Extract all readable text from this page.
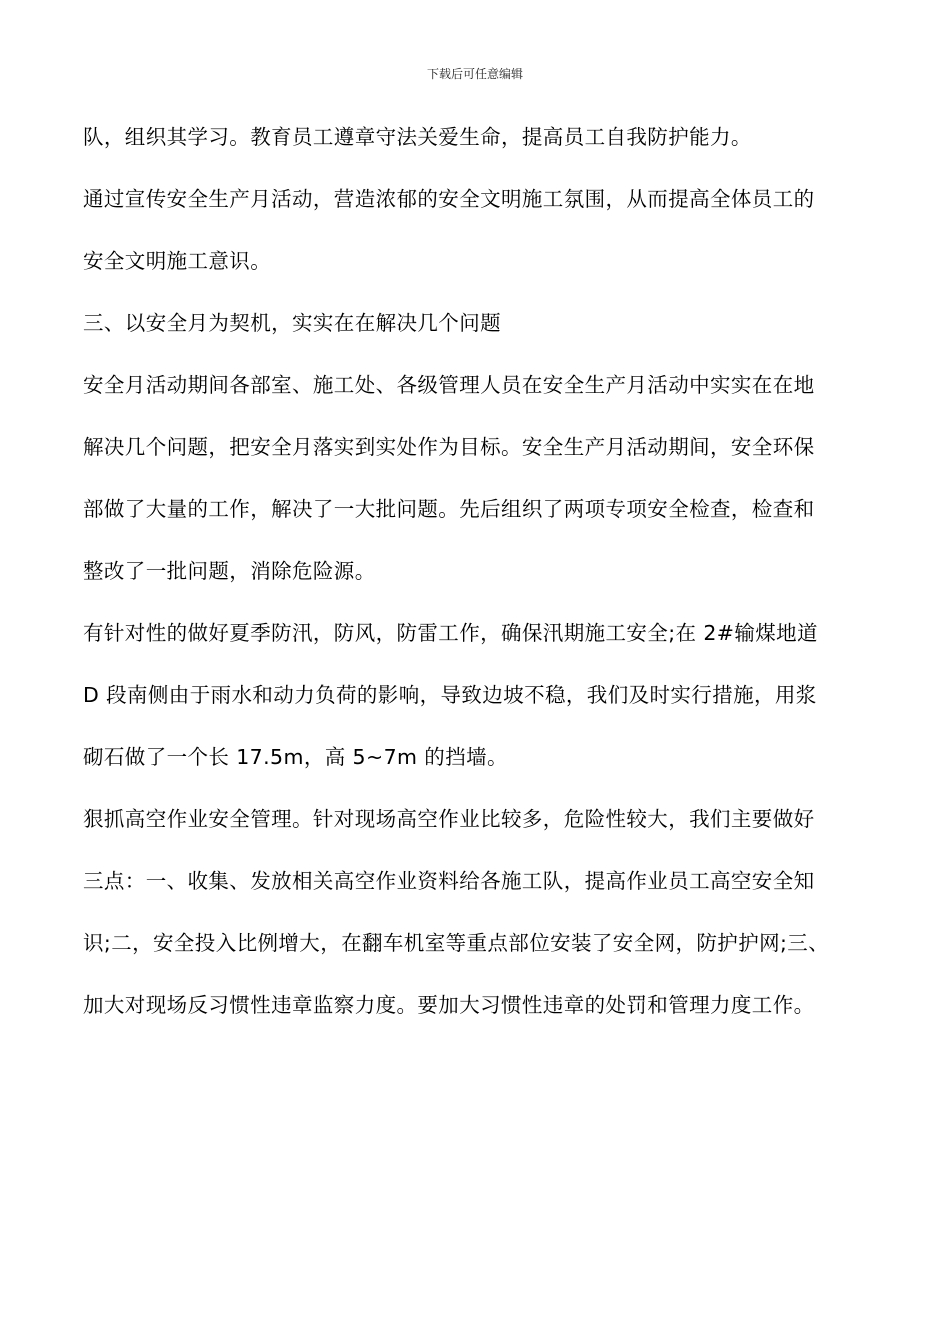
下载后可任意编辑
队，组织其学习。教育员工遵章守法关爱生命，提高员工自我防护能力。
通过宣传安全生产月活动，营造浓郁的安全文明施工氛围，从而提高全体员工的
安全文明施工意识。
三、以安全月为契机，实实在在解决几个问题
安全月活动期间各部室、施工处、各级管理人员在安全生产月活动中实实在在地
解决几个问题，把安全月落实到实处作为目标。安全生产月活动期间，安全环保
部做了大量的工作，解决了一大批问题。先后组织了两项专项安全检查，检查和
整改了一批问题，消除危险源。
有针对性的做好夏季防汛，防风，防雷工作，确保汛期施工安全;在 2#输煤地道
D 段南侧由于雨水和动力负荷的影响，导致边坡不稳，我们及时实行措施，用浆
砌石做了一个长 17.5m，高 5~7m 的挡墙。
狠抓高空作业安全管理。针对现场高空作业比较多，危险性较大，我们主要做好
三点：一、收集、发放相关高空作业资料给各施工队，提高作业员工高空安全知
识;二，安全投入比例增大，在翻车机室等重点部位安装了安全网，防护护网;三、
加大对现场反习惯性违章监察力度。要加大习惯性违章的处罚和管理力度工作。
